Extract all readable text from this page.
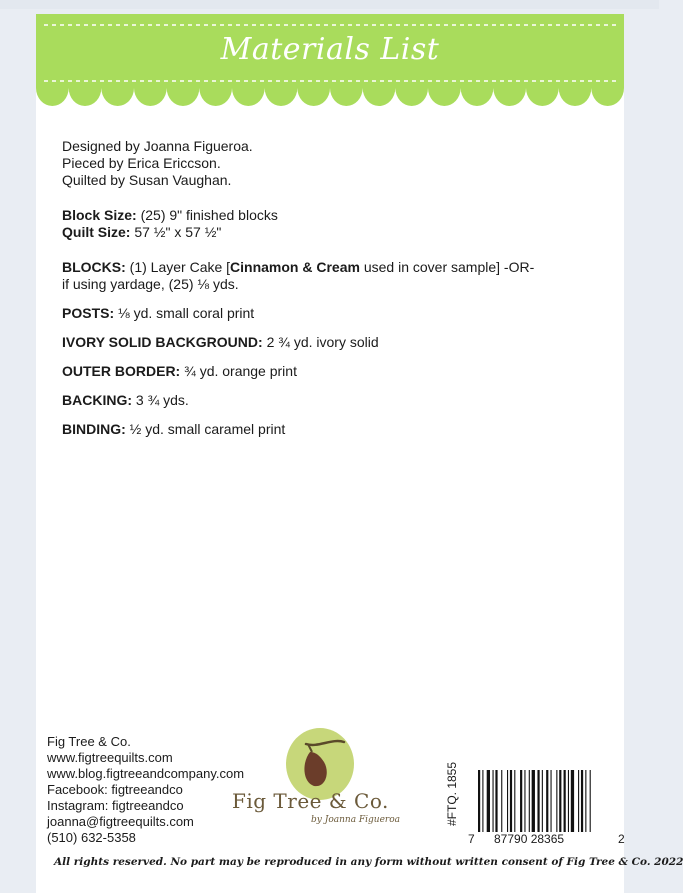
Materials List
Designed by Joanna Figueroa.
Pieced by Erica Ericcson.
Quilted by Susan Vaughan.
Block Size: (25) 9" finished blocks
Quilt Size: 57 ½" x 57 ½"
BLOCKS: (1) Layer Cake [Cinnamon & Cream used in cover sample] -OR-
if using yardage, (25) ⅛ yds.
POSTS: ⅛ yd. small coral print
IVORY SOLID BACKGROUND: 2 ¾ yd. ivory solid
OUTER BORDER: ¾ yd. orange print
BACKING: 3 ¾ yds.
BINDING: ½ yd. small caramel print
Fig Tree & Co.
www.figtreequilts.com
www.blog.figtreeandcompany.com
Facebook: figtreeandco
Instagram: figtreeandco
joanna@figtreequilts.com
(510) 632-5358
Fig Tree & Co.
by Joanna Figueroa	#FTQ. 1855
7 87790 28365	2
All rights reserved. No part may be reproduced in any form without written consent of Fig Tree & Co. 2022
